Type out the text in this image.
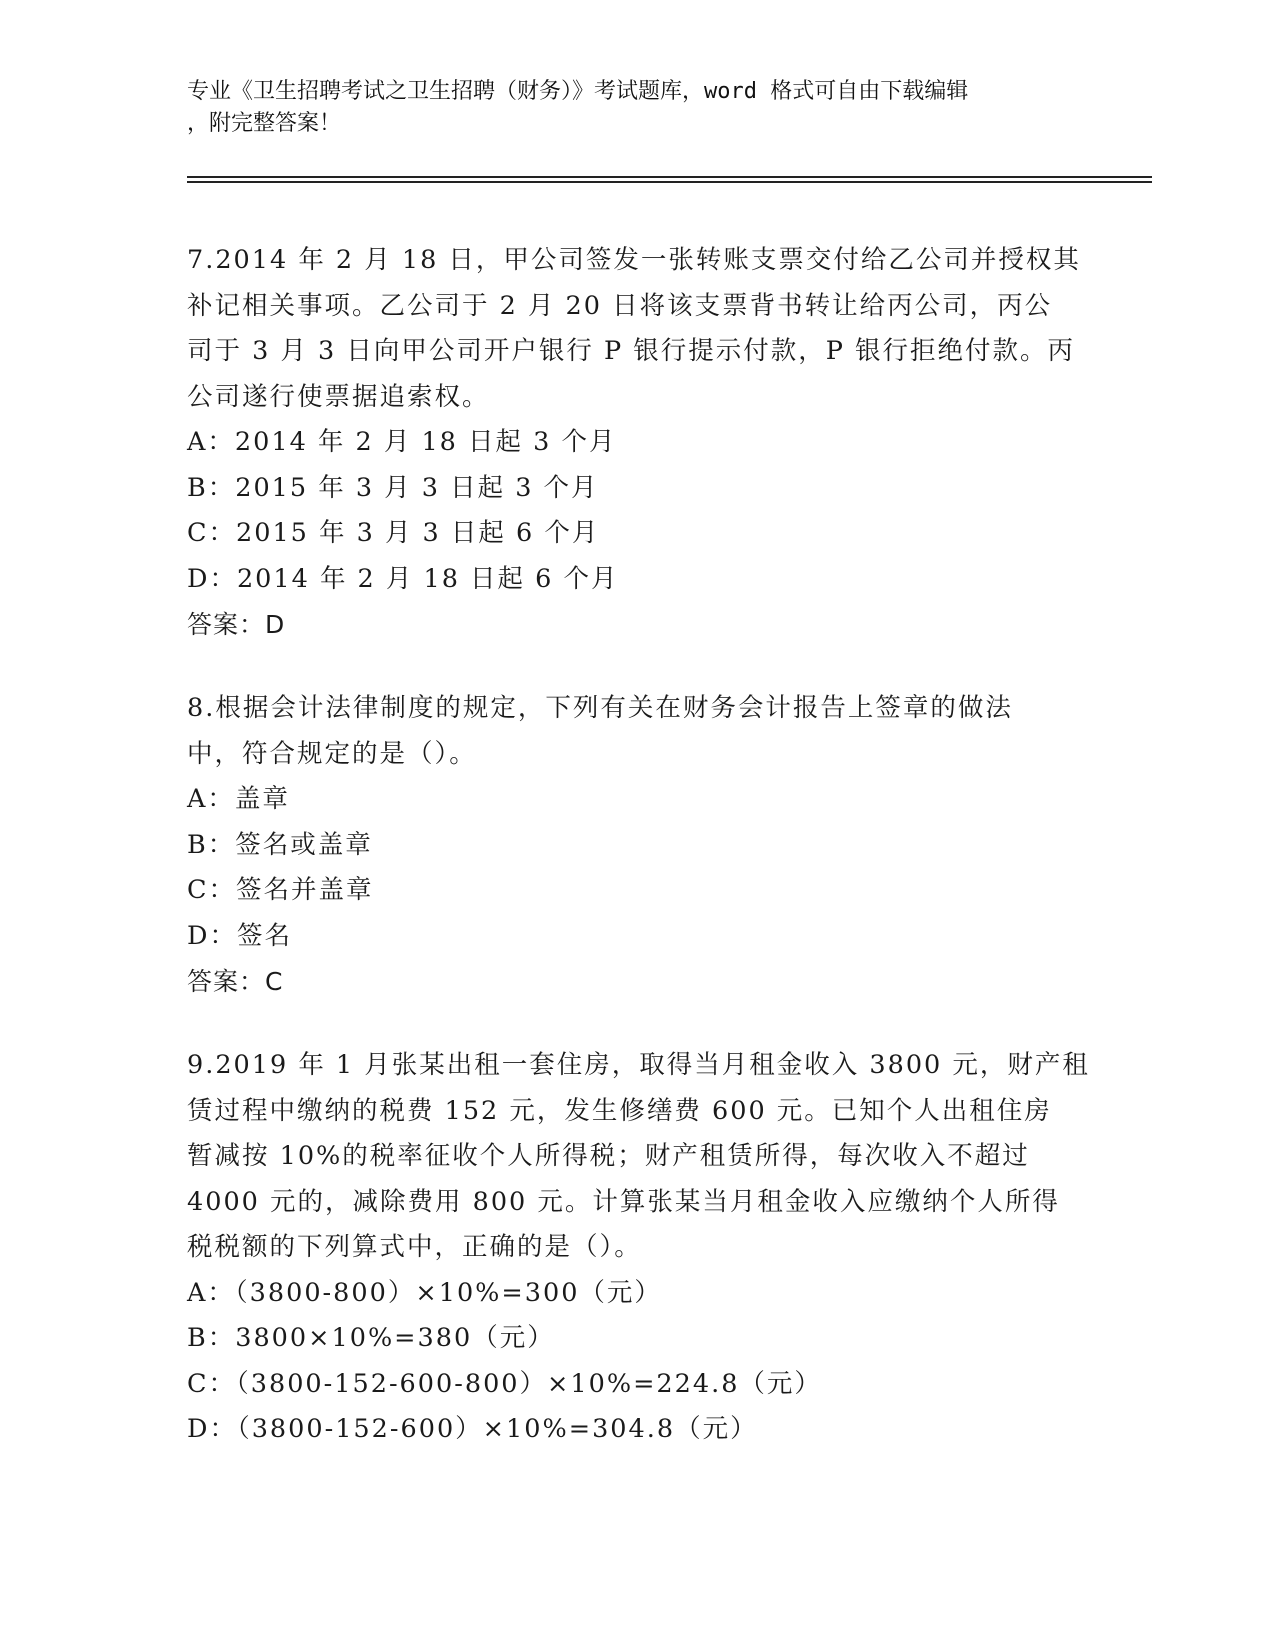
专业《卫生招聘考试之卫生招聘（财务）》考试题库，word 格式可自由下载编辑
，附完整答案！
7.2014 年 2 月 18 日，甲公司签发一张转账支票交付给乙公司并授权其
补记相关事项。乙公司于 2 月 20 日将该支票背书转让给丙公司，丙公
司于 3 月 3 日向甲公司开户银行 P 银行提示付款，P 银行拒绝付款。丙
公司遂行使票据追索权。
A：2014 年 2 月 18 日起 3 个月
B：2015 年 3 月 3 日起 3 个月
C：2015 年 3 月 3 日起 6 个月
D：2014 年 2 月 18 日起 6 个月
答案：D
8.根据会计法律制度的规定，下列有关在财务会计报告上签章的做法
中，符合规定的是（）。
A：盖章
B：签名或盖章
C：签名并盖章
D：签名
答案：C
9.2019 年 1 月张某出租一套住房，取得当月租金收入 3800 元，财产租
赁过程中缴纳的税费 152 元，发生修缮费 600 元。已知个人出租住房
暂减按 10%的税率征收个人所得税；财产租赁所得，每次收入不超过
4000 元的，减除费用 800 元。计算张某当月租金收入应缴纳个人所得
税税额的下列算式中，正确的是（）。
A：（3800-800）×10%=300（元）
B：3800×10%=380（元）
C：（3800-152-600-800）×10%=224.8（元）
D：（3800-152-600）×10%=304.8（元）
